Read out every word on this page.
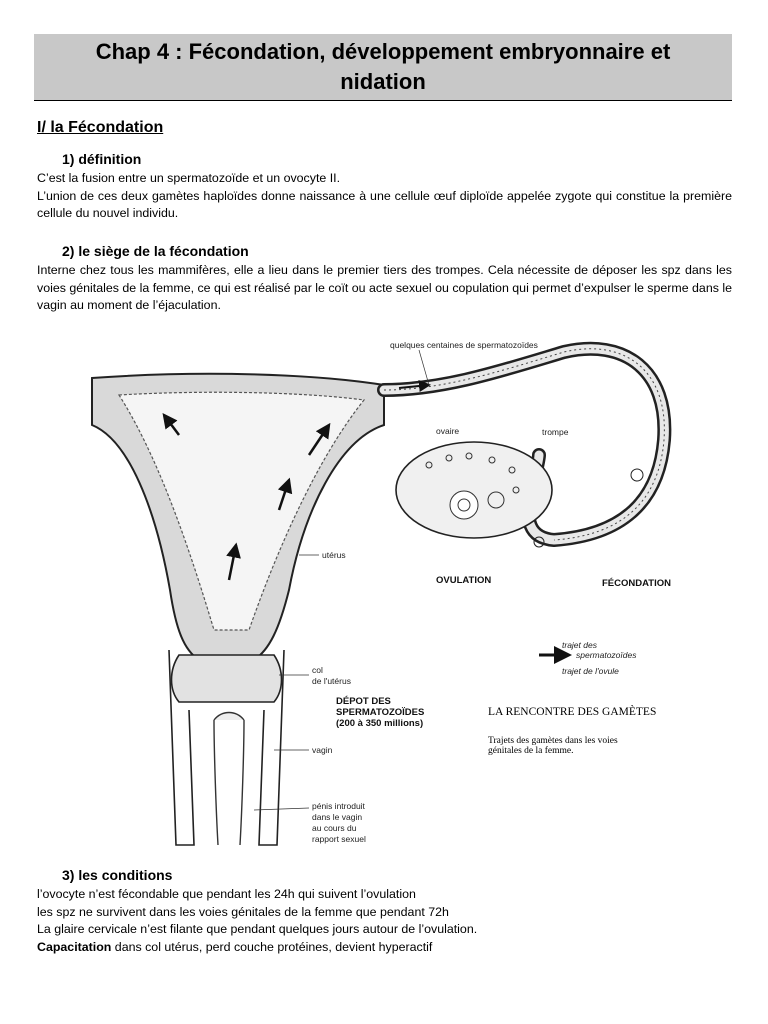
Chap 4 : Fécondation, développement embryonnaire et nidation
I/ la Fécondation
1) définition
C’est la fusion entre un spermatozoïde et un ovocyte II.
L’union de ces deux gamètes haploïdes donne naissance à une cellule œuf diploïde appelée zygote qui constitue la première cellule du nouvel individu.
2) le siège de la fécondation
Interne chez tous les mammifères, elle a lieu dans le premier tiers des trompes. Cela nécessite de déposer les spz dans les voies génitales de la femme, ce qui est réalisé par le coït ou acte sexuel ou copulation qui permet d’expulser le sperme dans le vagin au moment de l’éjaculation.
quelques centaines de spermatozoïdes
ovaire	trompe
utérus
OVULATION	FÉCONDATION
col
de l'utérus
DÉPOT DES
SPERMATOZOÏDES
(200 à 350 millions)
vagin
pénis introduit
dans le vagin
au cours du
rapport sexuel
trajet des
spermatozoïdes
trajet de l'ovule
LA RENCONTRE DES GAMÈTES
Trajets des gamètes dans les voies
génitales de la femme.
3) les conditions
l’ovocyte n’est fécondable que pendant les 24h qui suivent l’ovulation
les spz ne survivent dans les voies génitales de la femme que pendant 72h
La glaire cervicale n’est filante que pendant quelques jours autour de l’ovulation.
Capacitation dans col utérus, perd couche protéines, devient hyperactif
